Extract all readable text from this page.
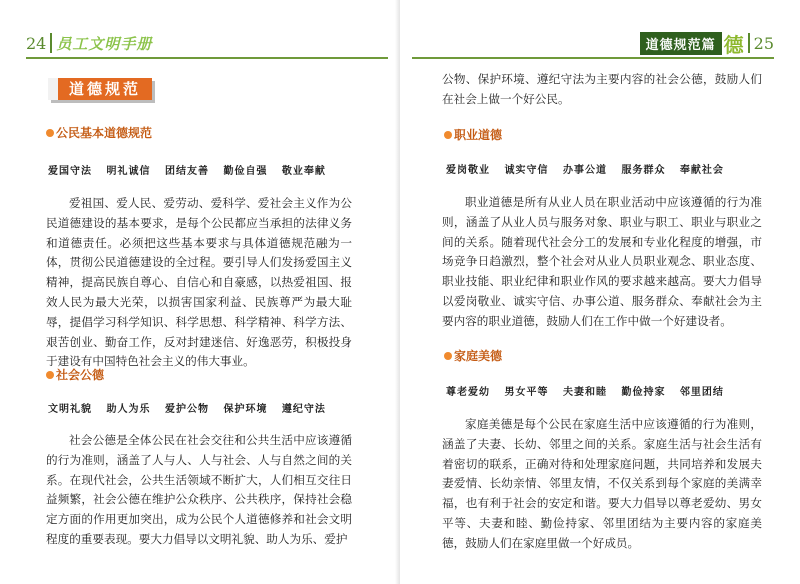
24 员工文明手册
道德规范
公民基本道德规范
爱国守法 明礼诚信 团结友善 勤俭自强 敬业奉献

爱祖国、爱人民、爱劳动、爱科学、爱社会主义作为公民道德建设的基本要求，是每个公民都应当承担的法律义务和道德责任。必须把这些基本要求与具体道德规范融为一体，贯彻公民道德建设的全过程。要引导人们发扬爱国主义精神，提高民族自尊心、自信心和自豪感，以热爱祖国、报效人民为最大光荣，以损害国家利益、民族尊严为最大耻辱，提倡学习科学知识、科学思想、科学精神、科学方法、艰苦创业、勤奋工作，反对封建迷信、好逸恶劳，积极投身于建设有中国特色社会主义的伟大事业。

社会公德
文明礼貌 助人为乐 爱护公物 保护环境 遵纪守法

社会公德是全体公民在社会交往和公共生活中应该遵循的行为准则，涵盖了人与人、人与社会、人与自然之间的关系。在现代社会，公共生活领域不断扩大，人们相互交往日益频繁，社会公德在维护公众秩序、公共秩序，保持社会稳定方面的作用更加突出，成为公民个人道德修养和社会文明程度的重要表现。要大力倡导以文明礼貌、助人为乐、爱护

道德规范篇 德 25

公物、保护环境、遵纪守法为主要内容的社会公德，鼓励人们在社会上做一个好公民。

职业道德
爱岗敬业 诚实守信 办事公道 服务群众 奉献社会

职业道德是所有从业人员在职业活动中应该遵循的行为准则，涵盖了从业人员与服务对象、职业与职工、职业与职业之间的关系。随着现代社会分工的发展和专业化程度的增强，市场竞争日趋激烈，整个社会对从业人员职业观念、职业态度、职业技能、职业纪律和职业作风的要求越来越高。要大力倡导以爱岗敬业、诚实守信、办事公道、服务群众、奉献社会为主要内容的职业道德，鼓励人们在工作中做一个好建设者。

家庭美德
尊老爱幼 男女平等 夫妻和睦 勤俭持家 邻里团结

家庭美德是每个公民在家庭生活中应该遵循的行为准则，涵盖了夫妻、长幼、邻里之间的关系。家庭生活与社会生活有着密切的联系，正确对待和处理家庭问题，共同培养和发展夫妻爱情、长幼亲情、邻里友情，不仅关系到每个家庭的美满幸福，也有利于社会的安定和谐。要大力倡导以尊老爱幼、男女平等、夫妻和睦、勤俭持家、邻里团结为主要内容的家庭美德，鼓励人们在家庭里做一个好成员。
